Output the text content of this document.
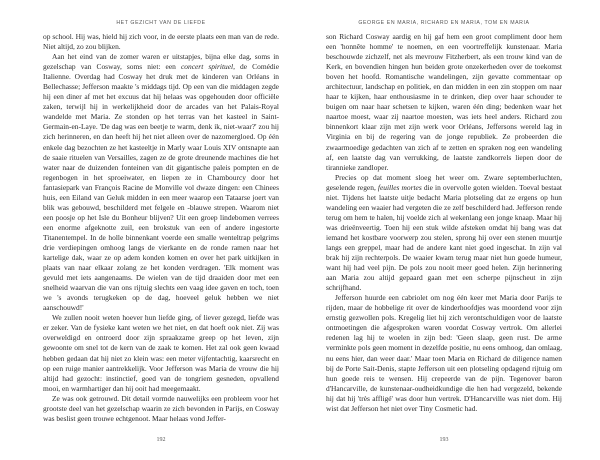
HET GEZICHT VAN DE LIEFDE

op school. Hij was, hield hij zich voor, in de eerste plaats een man van de rede. Niet altijd, zo zou blijken.

Aan het eind van de zomer waren er uitstapjes, bijna elke dag, soms in gezelschap van Cosway, soms niet: een concert spirituel, de Comédie Italienne. Overdag had Cosway het druk met de kinderen van Orléans in Bellechasse; Jefferson maakte 's middags tijd. Op een van die middagen zegde hij een diner af met het excuus dat hij helaas was opgehouden door officiële zaken, terwijl hij in werkelijkheid door de arcades van het Palais-Royal wandelde met Maria. Ze stonden op het terras van het kasteel in Saint-Germain-en-Laye. 'De dag was een beetje te warm, denk ik, niet-waar?' zou hij zich herinneren, en dan heeft hij het niet alleen over de nazomergloed. Op één enkele dag bezochten ze het kasteeltje in Marly waar Louis XIV ontsnapte aan de saaie rituelen van Versailles, zagen ze de grote dreunende machines die het water naar de duizenden fonteinen van dit gigantische paleis pompten en de regenbogen in het sproeiwater, en liepen ze in Chambourcy door het fantasiepark van François Racine de Monville vol dwaze dingen: een Chinees huis, een Eiland van Geluk midden in een meer waarop een Tataarse joert van blik was gebouwd, beschilderd met felgele en -blauwe strepen. Waarom niet een poosje op het Isle du Bonheur blijven? Uit een groep lindebomen verrees een enorme afgeknotte zuil, een brokstuk van een of andere ingestorte Titanentempel. In de holle binnenkant voerde een smalle wenteltrap pelgrims drie verdiepingen omhoog langs de vierkante en de ronde ramen naar het kartelige dak, waar ze op adem konden komen en over het park uitkijken in plaats van naar elkaar zolang ze het konden verdragen. 'Elk moment was gevuld met iets aangenaams. De wielen van de tijd draaiden door met een snelheid waarvan die van ons rijtuig slechts een vaag idee gaven en toch, toen we 's avonds terugkeken op de dag, hoeveel geluk hebben we niet aanschouwd!'

We zullen nooit weten hoever hun liefde ging, of liever gezegd, liefde was er zeker. Van de fysieke kant weten we het niet, en dat hoeft ook niet. Zij was overweldigd en ontroerd door zijn spraakzame greep op het leven, zijn gewoonte om snel tot de kern van de zaak te komen. Het zal ook geen kwaad hebben gedaan dat hij niet zo klein was: een meter vijfentachtig, kaarsrecht en op een ruige manier aantrekkelijk. Voor Jefferson was Maria de vrouw die hij altijd had gezocht: instinctief, goed van de tongriem gesneden, opvallend mooi, en warmhartiger dan hij ooit had meegemaakt.

Ze was ook getrouwd. Dit detail vormde nauwelijks een probleem voor het grootste deel van het gezelschap waarin ze zich bevonden in Parijs, en Cosway was beslist geen trouwe echtgenoot. Maar helaas vond Jeffer-

192
GEORGE EN MARIA, RICHARD EN MARIA, TOM EN MARIA

son Richard Cosway aardig en hij gaf hem een groot compliment door hem een 'honnête homme' te noemen, en een voortreffelijk kunstenaar. Maria beschouwde zichzelf, net als mevrouw Fitzherbert, als een trouw kind van de Kerk, en bovendien hingen hun beiden grote onzekerheden over de toekomst boven het hoofd. Romantische wandelingen, zijn gevatte commentaar op architectuur, landschap en politiek, en dan midden in een zin stoppen om naar haar te kijken, haar enthousiasme in te drinken, diep over haar schouder te buigen om naar haar schetsen te kijken, waren één ding; bedenken waar het naartoe moest, waar zij naartoe moesten, was iets heel anders. Richard zou binnenkort klaar zijn met zijn werk voor Orléans, Jeffersons wereld lag in Virginia en bij de regering van de jonge republiek. Ze probeerden die zwaarmoedige gedachten van zich af te zetten en spraken nog een wandeling af, een laatste dag van verrukking, de laatste zandkorrels liepen door de tirannieke zandloper.

Precies op dat moment sloeg het weer om. Zware septemberluchten, geselende regen, feuilles mortes die in overvolle goten wielden. Toeval bestaat niet. Tijdens het laatste uitje bedacht Maria plotseling dat ze ergens op hun wandeling een waaier had vergeten die ze zelf beschilderd had. Jefferson rende terug om hem te halen, hij voelde zich al wekenlang een jonge knaap. Maar hij was drieënveertig. Toen hij een stuk wilde afsteken omdat hij bang was dat iemand het kostbare voorwerp zou stelen, sprong hij over een stenen muurtje langs een greppel, maar had de andere kant niet goed ingeschat. In zijn val brak hij zijn rechterpols. De waaier kwam terug maar niet hun goede humeur, want hij had veel pijn. De pols zou nooit meer goed helen. Zijn herinnering aan Maria zou altijd gepaard gaan met een scherpe pijnscheut in zijn schrijfhand.

Jefferson huurde een cabriolet om nog één keer met Maria door Parijs te rijden, maar de hobbelige rit over de kinderhoofdjes was moordend voor zijn ernstig gezwollen pols. Kregelig liet hij zich verontschuldigen voor de laatste ontmoetingen die afgesproken waren voordat Cosway vertrok. Om allerlei redenen lag hij te woelen in zijn bed: 'Geen slaap, geen rust. De arme verminkte pols geen moment in dezelfde positie, nu eens omhoog, dan omlaag, nu eens hier, dan weer daar.' Maar toen Maria en Richard de diligence namen bij de Porte Sait-Denis, stapte Jefferson uit een plotseling opdagend rijtuig om hun goede reis te wensen. Hij crepeerde van de pijn. Tegenover baron d'Hancarville, de kunstenaar-oudheidkundige die hen had vergezeld, bekende hij dat hij 'très affligé' was door hun vertrek. D'Hancarville was niet dom. Hij wist dat Jefferson het niet over Tiny Cosmetic had.

193
